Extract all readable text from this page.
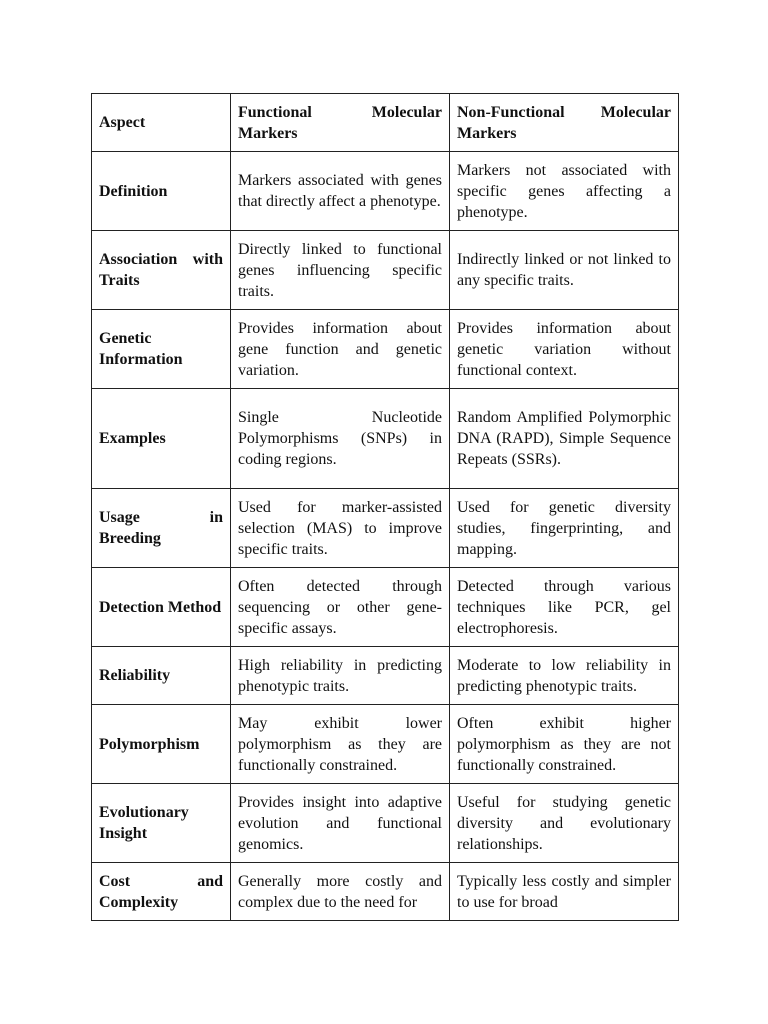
Aspect	Functional Molecular Markers	Non-Functional Molecular Markers
Definition	Markers associated with genes that directly affect a phenotype.	Markers not associated with specific genes affecting a phenotype.
Association with Traits	Directly linked to functional genes influencing specific traits.	Indirectly linked or not linked to any specific traits.
Genetic Information	Provides information about gene function and genetic variation.	Provides information about genetic variation without functional context.
Examples	Single Nucleotide Polymorphisms (SNPs) in coding regions.	Random Amplified Polymorphic DNA (RAPD), Simple Sequence Repeats (SSRs).
Usage in Breeding	Used for marker-assisted selection (MAS) to improve specific traits.	Used for genetic diversity studies, fingerprinting, and mapping.
Detection Method	Often detected through sequencing or other gene-specific assays.	Detected through various techniques like PCR, gel electrophoresis.
Reliability	High reliability in predicting phenotypic traits.	Moderate to low reliability in predicting phenotypic traits.
Polymorphism	May exhibit lower polymorphism as they are functionally constrained.	Often exhibit higher polymorphism as they are not functionally constrained.
Evolutionary Insight	Provides insight into adaptive evolution and functional genomics.	Useful for studying genetic diversity and evolutionary relationships.
Cost and Complexity	Generally more costly and complex due to the need for	Typically less costly and simpler to use for broad
